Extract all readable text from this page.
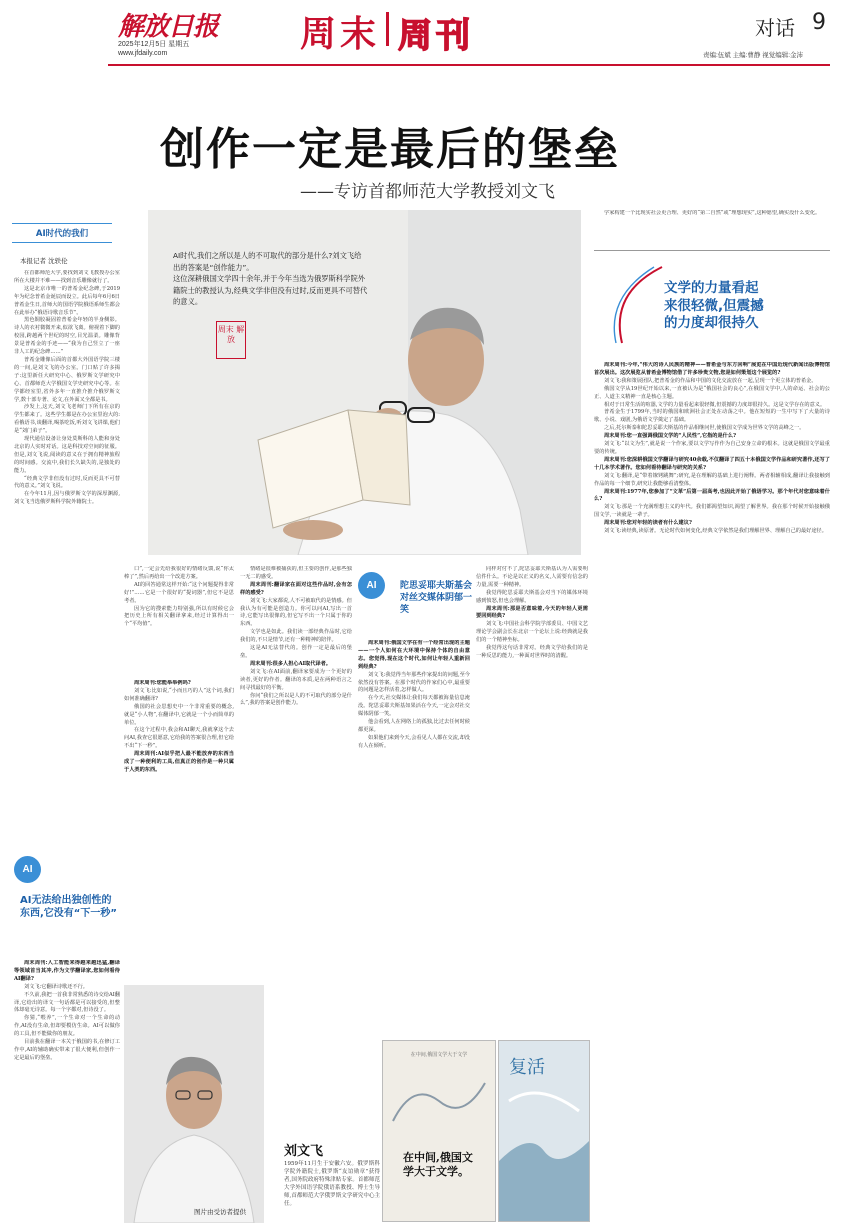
解放日报
2025年12月5日 星期五
www.jfdaily.com	周末 周刊	对话 9
责编:伍斌 主编:曹静 视觉编辑:金沛
创作一定是最后的堡垒
——专访首都师范大学教授刘文飞
AI时代,我们之所以是人的不可取代的部分是什么?刘文飞给出的答案是“创作能力”。
这位深耕俄国文学四十余年,并于今年当选为俄罗斯科学院外籍院士的教授认为,经典文学非但没有过时,反而更具不可替代的意义。
周末 解放

学家构建一个比现实社会更合理、更好的“第二自然”或“理想现实”,这种愿望,确实没什么变化。

文学的力量看起来很轻微,但震撼的力度却很持久

周末周刊:今年,“伟大的诗人民族的精神——普希金与东方回响”展览在中国近现代新闻出版博物馆首次展出。这次展览从普希金博物馆借了许多珍贵文物,您是如何策划这个展览的?

刘文飞:我和策展团队,把普希金的作品和中国的文化交流放在一起,呈现一个更立体的普希金。

俄国文学从19世纪开始以来,一直被认为是“俄国社会的良心”,在俄国文学中,人的命运、社会的公正、人道主义精神一直是核心主题。

相对于日常生活的喧嚣,文学的力量看起来很轻微,但震撼的力度却很持久。这是文学存在的意义。

普希金生于1799年,当时的俄国和欧洲社会正处在动荡之中。他在短短的一生中写下了大量的诗歌、小说、戏剧,为俄语文学奠定了基础。

之后,托尔斯泰和陀思妥耶夫斯基的作品相继问世,使俄国文学成为世界文学的高峰之一。

周末周刊:您一直强调俄国文学的“人民性”,它指的是什么?

刘文飞:“以文为生”,就是说一个作家,要以文学写作作为自己安身立命的根本。这就是俄国文学最重要的传统。

周末周刊:您深耕俄国文学翻译与研究40余载,不仅翻译了四五十本俄国文学作品和研究著作,还写了十几本学术著作。您如何看待翻译与研究的关系?

刘文飞:翻译,是“带着镣铐跳舞”;研究,是在理解的基础上进行阐释。两者相辅相成,翻译让我接触到作品的每一个细节,研究让我能够看清整体。

周末周刊:1977年,您参加了“文革”后第一届高考,也因此开始了俄语学习。那个年代对您意味着什么?

刘文飞:那是一个充满理想主义的年代。我们都渴望知识,渴望了解世界。我在那个时候开始接触俄国文学,一读就是一辈子。

周末周刊:您对年轻的读者有什么建议?

刘文飞:读经典,读原著。无论时代如何变化,经典文学依然是我们理解世界、理解自己的最好途径。

AI时代的我们
本报记者 沈轶伦

在首都师范大学,要找到刘文飞教授办公室所在大楼并不难——找到音乐雕像就行了。

这是北京市唯一的普希金纪念碑,于2019年为纪念普希金诞辰而设立。此后每年6月6日普希金生日,首师大的国语学院俄语系师生都会在此举办“俄语诗歌音乐节”。

黑色铜胶凝固着普希金年轻的半身侧影。诗人的衣衬微微开来,似欲飞离。俯视着下脚的校园,跨越两个世纪的时空,目光温柔。雕像背景是普希金的手迹——“我为自己竖立了一座非人工的纪念碑……”

普希金雕像后面的首都大外国语学院三楼的一间,是刘文飞的办公室。门口贴了许多揭子:这里新任大研究中心、俄罗斯文学研究中心、首都师范大学俄国文学史研究中心等。在学都经室里,省外多年一直推介推介俄罗斯文学,数十部专著、论文,在外面又全都是书。

沙发上,这天,刘文飞老师门下所有在京的学生都来了。这些学生都是在办公室里泡大的:看俄语书,谈翻译,喝茶吃饭,听刘文飞讲课,他们是“刘门弟子”。

现代通信设备让身处莫斯科的人能和身处北京的人实时对话。这是科技对空间的征服。但是,刘文飞说,阅读的意义在于拥有精神旅程的时间感。交流中,我们长久缺失的,是独处的能力。

“经典文学非但没有过时,反而更具不可替代的意义。”刘文飞说。

在今年11月,因与俄罗斯文学的深厚渊源,刘文飞当选俄罗斯科学院外籍院士。

AI
AI无法给出独创性的东西,它没有“下一秒”

周末周刊:人工智能来得越来越迅猛,翻译等领域首当其冲,作为文学翻译家,您如何看待AI翻译?

刘文飞:它翻译诗歌还不行。

不久前,我把一首我非常熟悉的诗交给AI翻译,它给出的译文一句话都是可以接受的,但整体却毫无诗意。每一个字都对,但诗没了。

你猜,“喂养”,一个生命对一个生命的动作,AI没有生命,但却要模仿生命。AI可以做你的工具,但不能做你的朋友。

目前我在翻译一本关于俄国的书,在修订工作中,AI的辅助确实带来了很大便利,但创作一定是最后的堡垒。

口”,一定会先给我很好的情绪反馈,说“你太棒了”,然后再给出一个改进方案。

AI的回答通常这样开始:“这个问题提得非常好!”……它是一个很好的“提词器”,但它不是思考者。

因为它的搜索能力特别强,所以有时候它会把历史上所有相关翻译拿来,经过计算得出一个“平均值”。

周末周刊:您能举举例吗?

刘文飞:比如说,“小而且巧的人”这个词,我们如何准确翻译?

俄国的社会思想史中一个非常重要的概念,就是“小人物”,在翻译中,它就是一个小而简单的单位。

在这个过程中,我会和AI聊天,我就拿这个去问AI,我查它很愿意,它给我的答案很合理,但它给不出“下一秒”。

周末周刊:AI似乎把人最不能放弃的东西当成了一种便利的工具,但真正的创作是一种只属于人类的东西。

情绪是很难被捕获的,但主要的创作,是那些独一无二的感受。

周末周刊:翻译家在面对这些作品时,会有怎样的感受?

刘文飞:大家都说,人不可被取代的是情感。但我认为有可能是创造力。你可以问AI,写出一首诗,它能写出很像的,但它写不出一个只属于你的东西。

文学也是如此。我们读一部经典作品时,它给我们的,不只是情节,还有一种精神的陪伴。

这是AI无法替代的。创作一定是最后的堡垒。

周末周刊:很多人担心AI取代译者。

刘文飞:在AI面前,翻译家要成为一个更好的读者,更好的作者。翻译的本质,是在两种语言之间寻找最好的平衡。

你问“我们之所以是人的不可取代的部分是什么”,我的答案是创作能力。

AI	陀思妥耶夫斯基会对丝交媒体阴郁一笑

周末周刊:俄国文学在有一个经常出现的主题——一个人如何在大环境中保持个体的自由意志。您觉得,现在这个时代,如何让年轻人重新回到经典?

刘文飞:我觉得当年那些作家提出的问题,至今依然没有答案。在那个时代的作家们心中,最重要的问题是怎样活着,怎样做人。

在今天,社交媒体让我们每天都被海量信息淹没。陀思妥耶夫斯基如果活在今天,一定会对社交媒体阴郁一笑。

他会看到,人在网络上的孤独,比过去任何时候都更深。

如果他们来到今天,会看见人人都在交流,却没有人在倾听。

同样对付不了,陀思妥耶夫斯基认为人需要明信件什么。不论是以正义的名义,人需要有信念的力量,需要一种精神。

我觉得陀思妥耶夫斯基会对当下的媒体环境感到愤怒,但也会理解。

周末周刊:那是否意味着,今天的年轻人更需要回到经典?

刘文飞:中国社会科学院学部委员、中国文艺理论学会副会长在北京一个论坛上说:经典就是我们的一个精神坐标。

我觉得这句话非常对。经典文学给我们的是一种反思的能力,一种面对世界时的清醒。

图片由受访者提供
刘文飞
1959年11月生于安徽六安。俄罗斯科学院外籍院士,俄罗斯“友谊勋章”获得者,国务院政府特殊津贴专家。首都师范大学外国语学院俄语系教授、博士生导师,首都师范大学俄罗斯文学研究中心主任。
在中间,俄国文学大于文学
在中间,俄国文学大于文学。
复活
